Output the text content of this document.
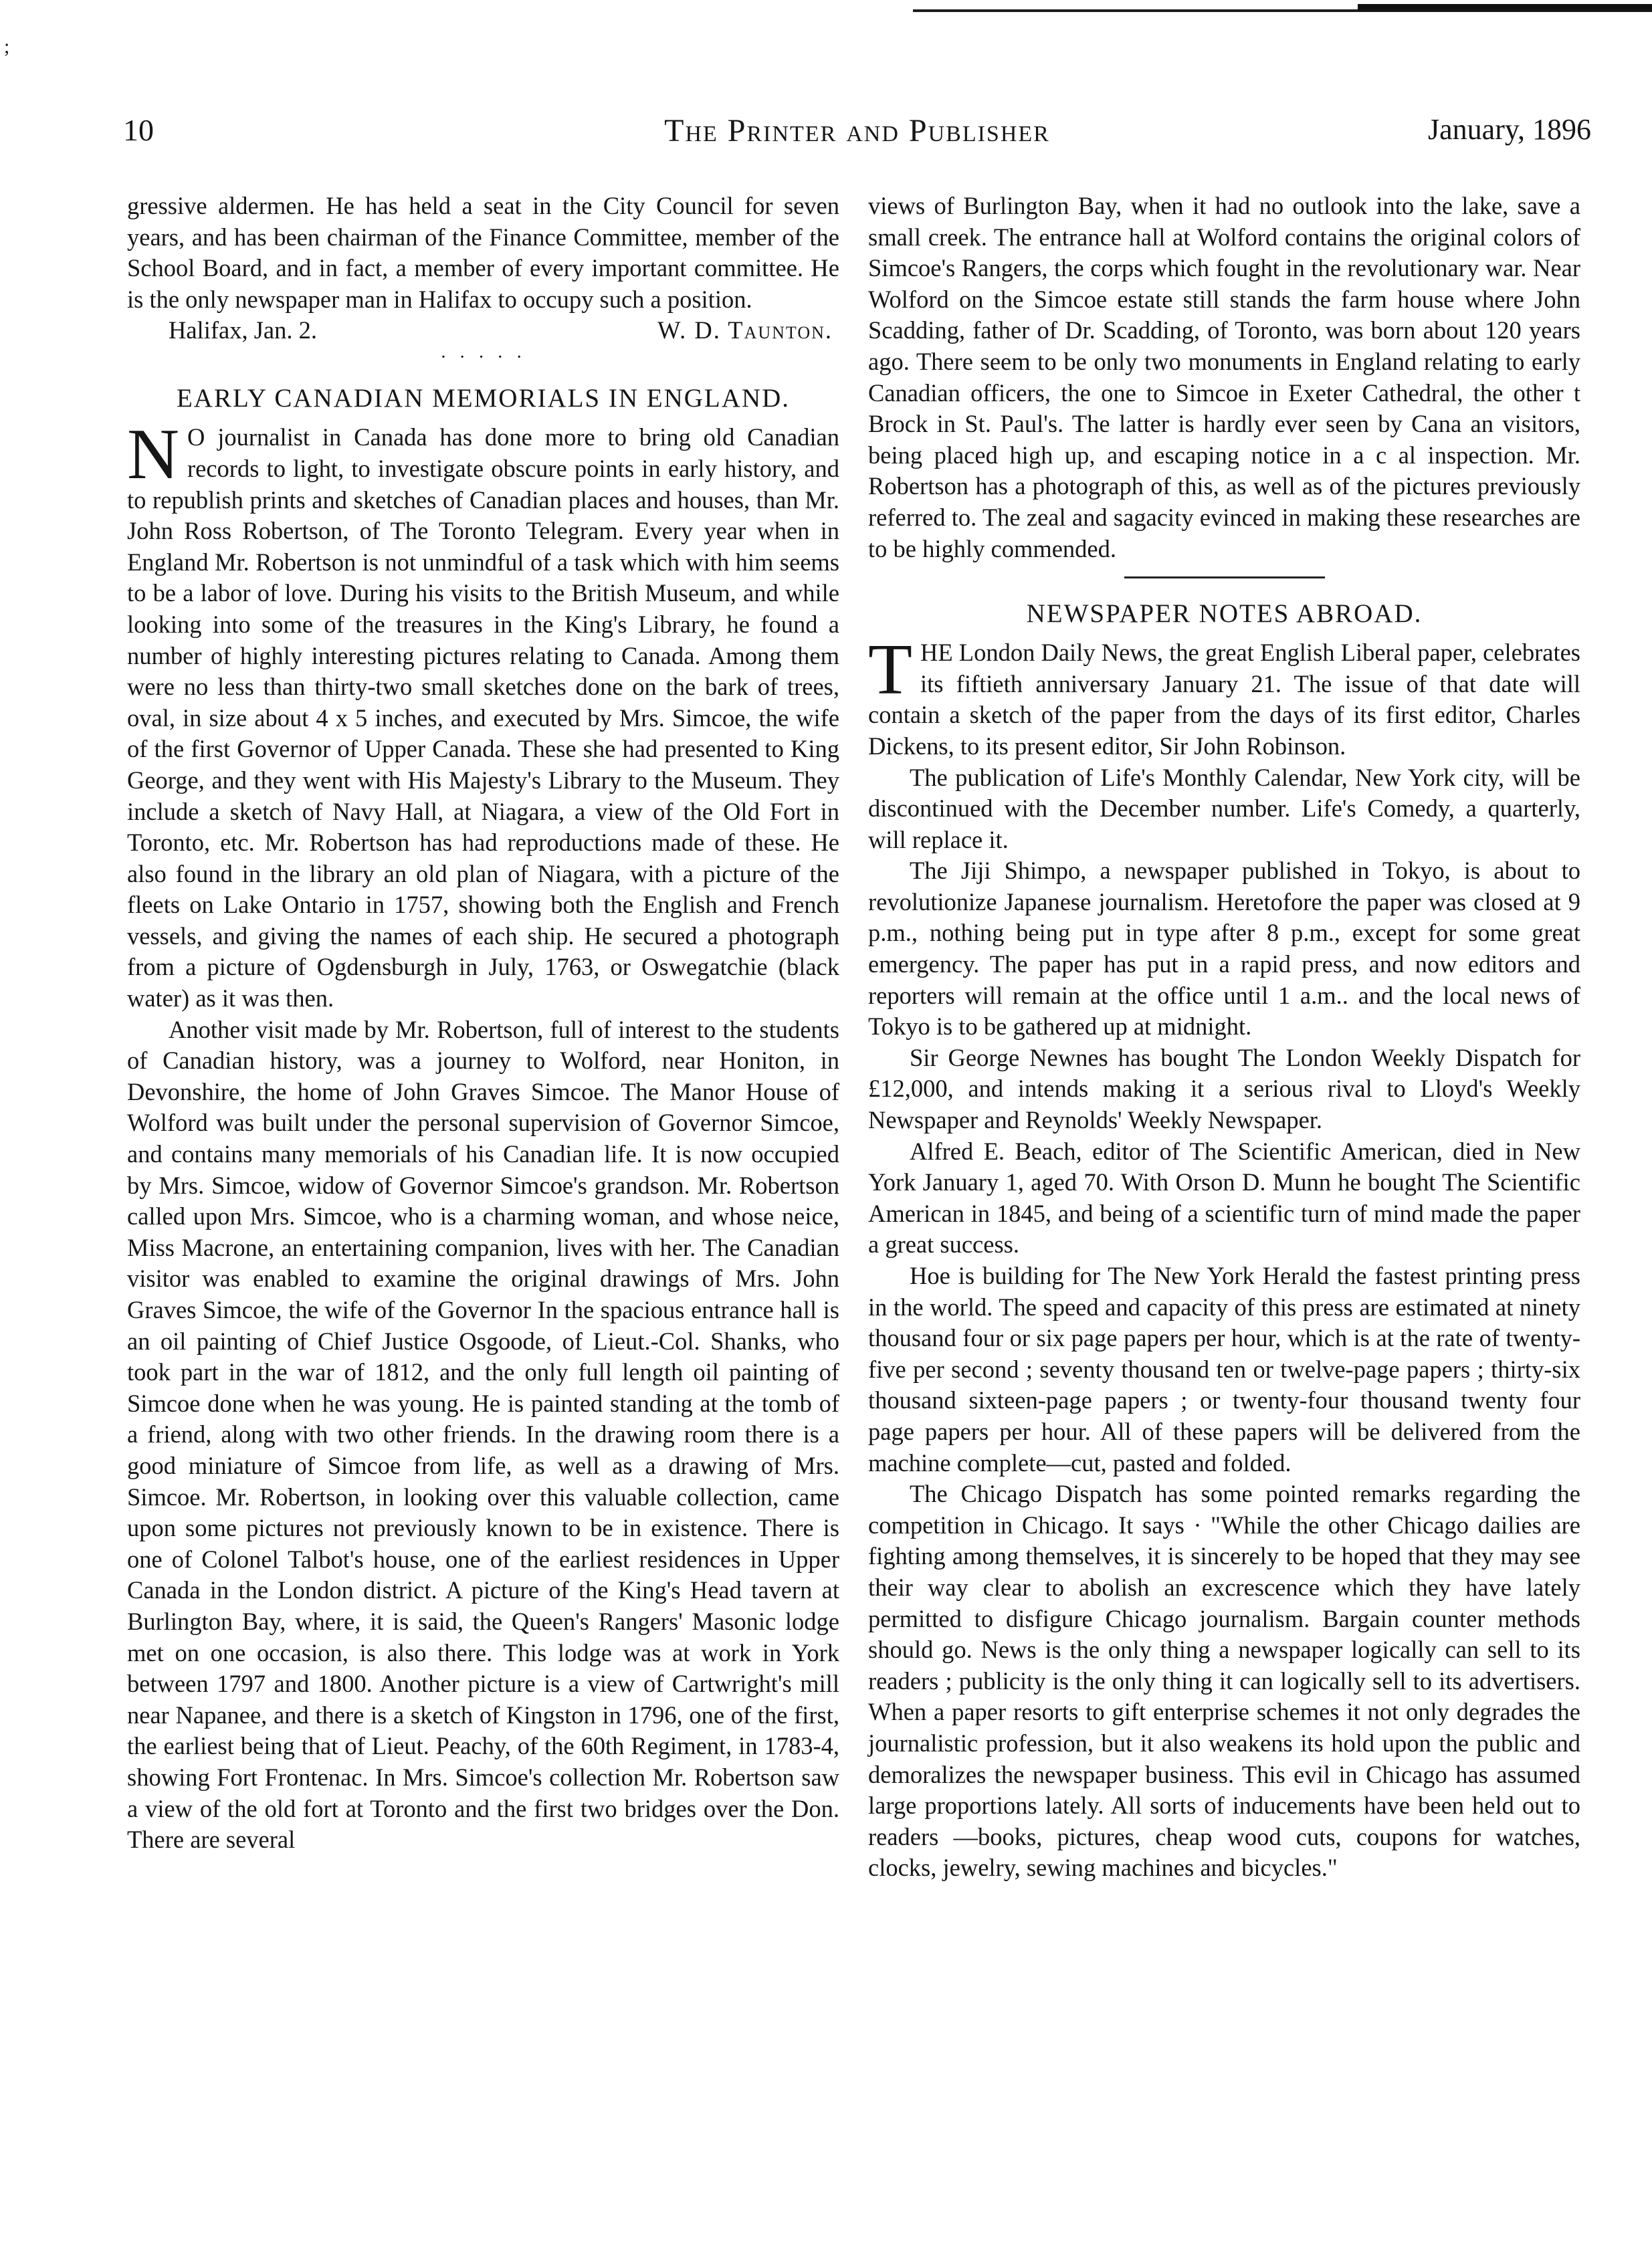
;
10	The Printer and Publisher	January, 1896

gressive aldermen. He has held a seat in the City Council for seven years, and has been chairman of the Finance Committee, member of the School Board, and in fact, a member of every important committee. He is the only newspaper man in Halifax to occupy such a position.

Halifax, Jan. 2.	W. D. Taunton.
· · · · ·
EARLY CANADIAN MEMORIALS IN ENGLAND.

N O journalist in Canada has done more to bring old Canadian records to light, to investigate obscure points in early history, and to republish prints and sketches of Canadian places and houses, than Mr. John Ross Robertson, of The Toronto Telegram. Every year when in England Mr. Robertson is not unmindful of a task which with him seems to be a labor of love. During his visits to the British Museum, and while looking into some of the treasures in the King's Library, he found a number of highly interesting pictures relating to Canada. Among them were no less than thirty-two small sketches done on the bark of trees, oval, in size about 4 x 5 inches, and executed by Mrs. Simcoe, the wife of the first Governor of Upper Canada. These she had presented to King George, and they went with His Majesty's Library to the Museum. They include a sketch of Navy Hall, at Niagara, a view of the Old Fort in Toronto, etc. Mr. Robertson has had reproductions made of these. He also found in the library an old plan of Niagara, with a picture of the fleets on Lake Ontario in 1757, showing both the English and French vessels, and giving the names of each ship. He secured a photograph from a picture of Ogdensburgh in July, 1763, or Oswegatchie (black water) as it was then.

Another visit made by Mr. Robertson, full of interest to the students of Canadian history, was a journey to Wolford, near Honiton, in Devonshire, the home of John Graves Simcoe. The Manor House of Wolford was built under the personal supervision of Governor Simcoe, and contains many memorials of his Canadian life. It is now occupied by Mrs. Simcoe, widow of Governor Simcoe's grandson. Mr. Robertson called upon Mrs. Simcoe, who is a charming woman, and whose neice, Miss Macrone, an entertaining companion, lives with her. The Canadian visitor was enabled to examine the original drawings of Mrs. John Graves Simcoe, the wife of the Governor In the spacious entrance hall is an oil painting of Chief Justice Osgoode, of Lieut.-Col. Shanks, who took part in the war of 1812, and the only full length oil painting of Simcoe done when he was young. He is painted standing at the tomb of a friend, along with two other friends. In the drawing room there is a good miniature of Simcoe from life, as well as a drawing of Mrs. Simcoe. Mr. Robertson, in looking over this valuable collection, came upon some pictures not previously known to be in existence. There is one of Colonel Talbot's house, one of the earliest residences in Upper Canada in the London district. A picture of the King's Head tavern at Burlington Bay, where, it is said, the Queen's Rangers' Masonic lodge met on one occasion, is also there. This lodge was at work in York between 1797 and 1800. Another picture is a view of Cartwright's mill near Napanee, and there is a sketch of Kingston in 1796, one of the first, the earliest being that of Lieut. Peachy, of the 60th Regiment, in 1783-4, showing Fort Frontenac. In Mrs. Simcoe's collection Mr. Robertson saw a view of the old fort at Toronto and the first two bridges over the Don. There are several

views of Burlington Bay, when it had no outlook into the lake, save a small creek. The entrance hall at Wolford contains the original colors of Simcoe's Rangers, the corps which fought in the revolutionary war. Near Wolford on the Simcoe estate still stands the farm house where John Scadding, father of Dr. Scadding, of Toronto, was born about 120 years ago. There seem to be only two monuments in England relating to early Canadian officers, the one to Simcoe in Exeter Cathedral, the other t Brock in St. Paul's. The latter is hardly ever seen by Cana an visitors, being placed high up, and escaping notice in a c al inspection. Mr. Robertson has a photograph of this, as well as of the pictures previously referred to. The zeal and sagacity evinced in making these researches are to be highly commended.

NEWSPAPER NOTES ABROAD.

THE London Daily News, the great English Liberal paper, celebrates its fiftieth anniversary January 21. The issue of that date will contain a sketch of the paper from the days of its first editor, Charles Dickens, to its present editor, Sir John Robinson.

The publication of Life's Monthly Calendar, New York city, will be discontinued with the December number. Life's Comedy, a quarterly, will replace it.

The Jiji Shimpo, a newspaper published in Tokyo, is about to revolutionize Japanese journalism. Heretofore the paper was closed at 9 p.m., nothing being put in type after 8 p.m., except for some great emergency. The paper has put in a rapid press, and now editors and reporters will remain at the office until 1 a.m.. and the local news of Tokyo is to be gathered up at midnight.

Sir George Newnes has bought The London Weekly Dispatch for £12,000, and intends making it a serious rival to Lloyd's Weekly Newspaper and Reynolds' Weekly Newspaper.

Alfred E. Beach, editor of The Scientific American, died in New York January 1, aged 70. With Orson D. Munn he bought The Scientific American in 1845, and being of a scientific turn of mind made the paper a great success.

Hoe is building for The New York Herald the fastest printing press in the world. The speed and capacity of this press are estimated at ninety thousand four or six page papers per hour, which is at the rate of twenty-five per second ; seventy thousand ten or twelve-page papers ; thirty-six thousand sixteen-page papers ; or twenty-four thousand twenty four page papers per hour. All of these papers will be delivered from the machine complete—cut, pasted and folded.

The Chicago Dispatch has some pointed remarks regarding the competition in Chicago. It says · "While the other Chicago dailies are fighting among themselves, it is sincerely to be hoped that they may see their way clear to abolish an excrescence which they have lately permitted to disfigure Chicago journalism. Bargain counter methods should go. News is the only thing a newspaper logically can sell to its readers ; publicity is the only thing it can logically sell to its advertisers. When a paper resorts to gift enterprise schemes it not only degrades the journalistic profession, but it also weakens its hold upon the public and demoralizes the newspaper business. This evil in Chicago has assumed large proportions lately. All sorts of inducements have been held out to readers —books, pictures, cheap wood cuts, coupons for watches, clocks, jewelry, sewing machines and bicycles."
